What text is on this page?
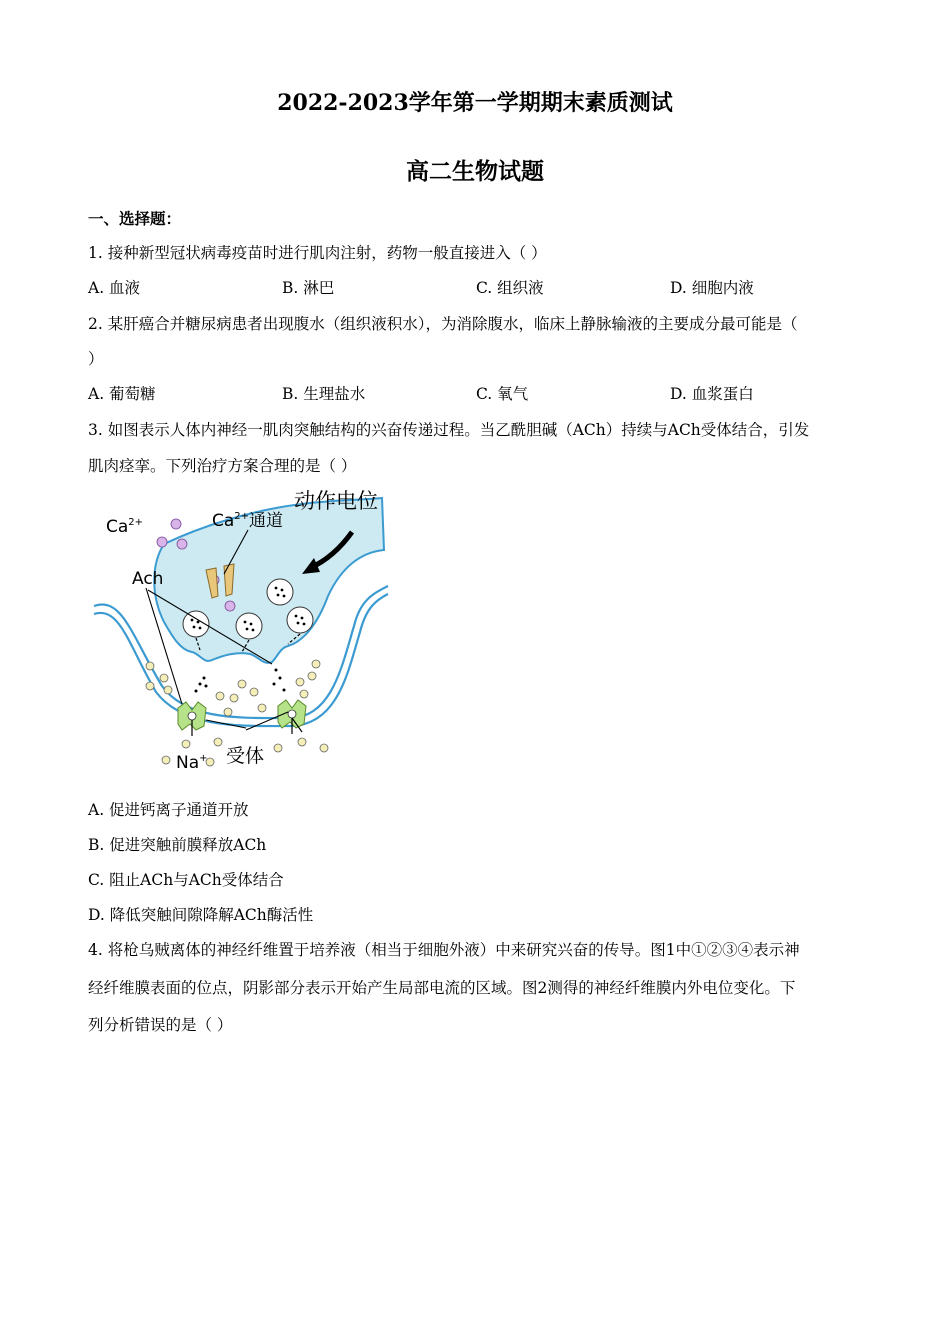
2022-2023学年第一学期期末素质测试
高二生物试题
一、选择题：
1. 接种新型冠状病毒疫苗时进行肌肉注射，药物一般直接进入（ ）
A. 血液	B. 淋巴	C. 组织液	D. 细胞内液
2. 某肝癌合并糖尿病患者出现腹水（组织液积水），为消除腹水，临床上静脉输液的主要成分最可能是（
）
A. 葡萄糖	B. 生理盐水	C. 氧气	D. 血浆蛋白
3. 如图表示人体内神经一肌肉突触结构的兴奋传递过程。当乙酰胆碱（ACh）持续与ACh受体结合，引发
肌肉痉挛。下列治疗方案合理的是（ ）
$Ca^{2+}$	$Ca^{2+}$通道
动作电位
Ach
受体
Na+
A. 促进钙离子通道开放
B. 促进突触前膜释放ACh
C. 阻止ACh与ACh受体结合
D. 降低突触间隙降解ACh酶活性
4. 将枪乌贼离体的神经纤维置于培养液（相当于细胞外液）中来研究兴奋的传导。图1中①②③④表示神
经纤维膜表面的位点，阴影部分表示开始产生局部电流的区域。图2测得的神经纤维膜内外电位变化。下
列分析错误的是（ ）
